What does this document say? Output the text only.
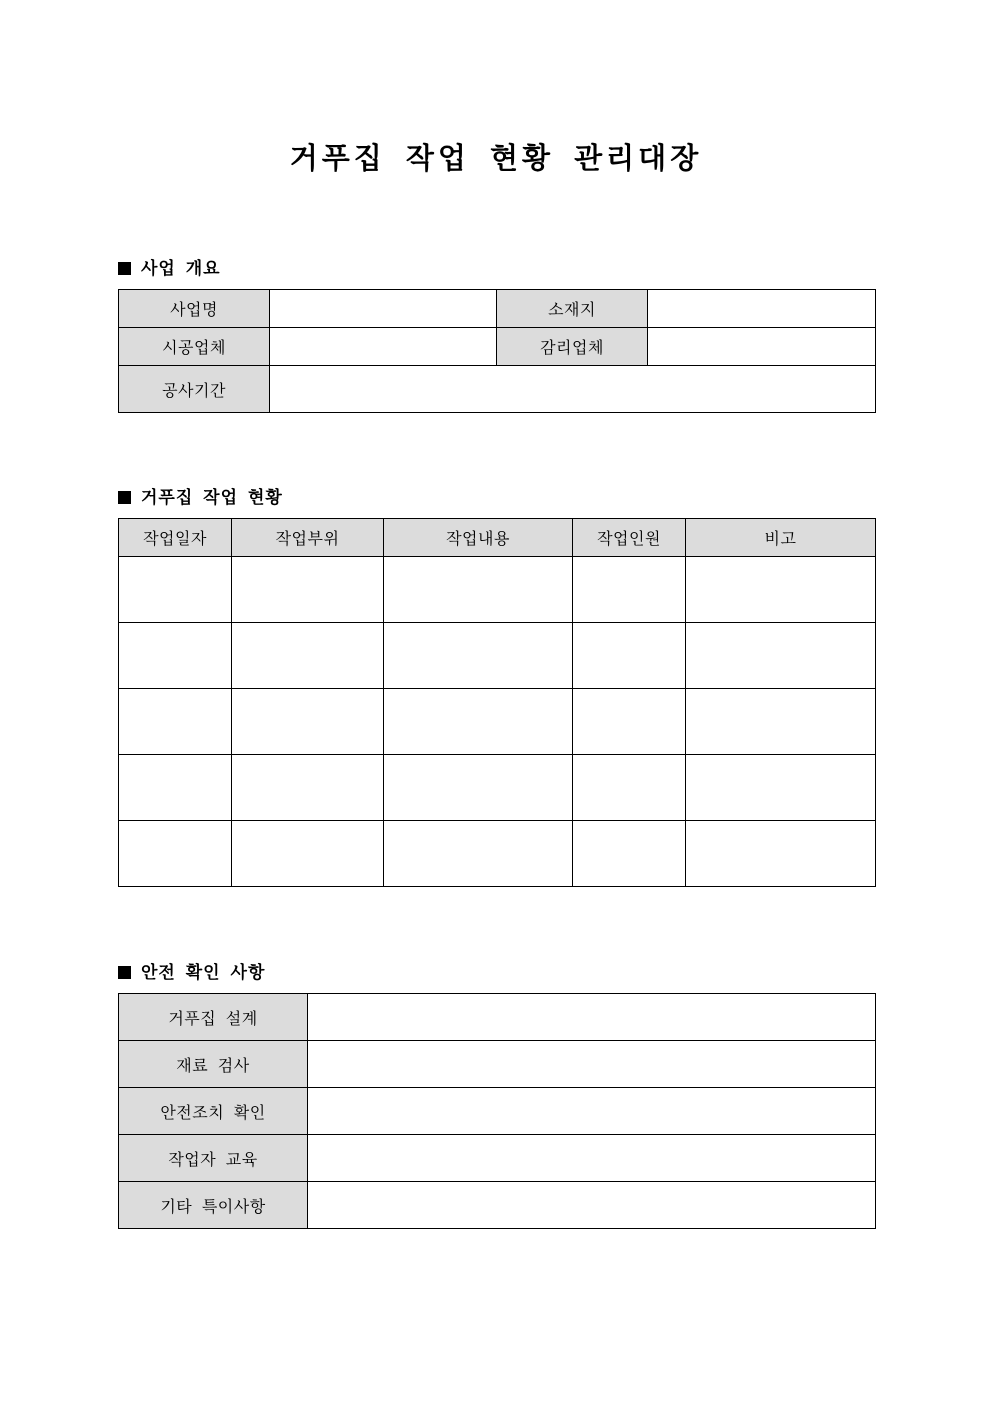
거푸집 작업 현황 관리대장
사업 개요
사업명		소재지	
시공업체		감리업체	
공사기간			
거푸집 작업 현황
작업일자	작업부위	작업내용	작업인원	비고

안전 확인 사항
거푸집 설계	
재료 검사	
안전조치 확인	
작업자 교육	
기타 특이사항	
